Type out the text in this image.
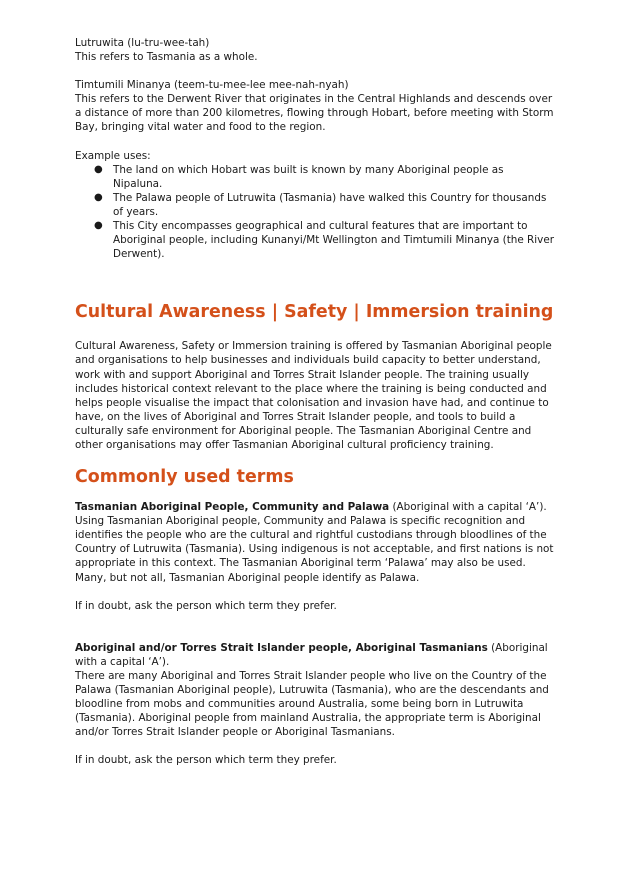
Lutruwita (lu-tru-wee-tah)

This refers to Tasmania as a whole.

Timtumili Minanya (teem-tu-mee-lee mee-nah-nyah)

This refers to the Derwent River that originates in the Central Highlands and descends over a distance of more than 200 kilometres, flowing through Hobart, before meeting with Storm Bay, bringing vital water and food to the region.

Example uses:

● The land on which Hobart was built is known by many Aboriginal people as Nipaluna.
● The Palawa people of Lutruwita (Tasmania) have walked this Country for thousands of years.
● This City encompasses geographical and cultural features that are important to Aboriginal people, including Kunanyi/Mt Wellington and Timtumili Minanya (the River Derwent).
Cultural Awareness | Safety | Immersion training

Cultural Awareness, Safety or Immersion training is offered by Tasmanian Aboriginal people and organisations to help businesses and individuals build capacity to better understand, work with and support Aboriginal and Torres Strait Islander people. The training usually includes historical context relevant to the place where the training is being conducted and helps people visualise the impact that colonisation and invasion have had, and continue to have, on the lives of Aboriginal and Torres Strait Islander people, and tools to build a culturally safe environment for Aboriginal people. The Tasmanian Aboriginal Centre and other organisations may offer Tasmanian Aboriginal cultural proficiency training.

Commonly used terms

Tasmanian Aboriginal People, Community and Palawa (Aboriginal with a capital ‘A’).

Using Tasmanian Aboriginal people, Community and Palawa is specific recognition and identifies the people who are the cultural and rightful custodians through bloodlines of the Country of Lutruwita (Tasmania). Using indigenous is not acceptable, and first nations is not appropriate in this context. The Tasmanian Aboriginal term ‘Palawa’ may also be used. Many, but not all, Tasmanian Aboriginal people identify as Palawa.

If in doubt, ask the person which term they prefer.

Aboriginal and/or Torres Strait Islander people, Aboriginal Tasmanians (Aboriginal with a capital ‘A’).

There are many Aboriginal and Torres Strait Islander people who live on the Country of the Palawa (Tasmanian Aboriginal people), Lutruwita (Tasmania), who are the descendants and bloodline from mobs and communities around Australia, some being born in Lutruwita (Tasmania). Aboriginal people from mainland Australia, the appropriate term is Aboriginal and/or Torres Strait Islander people or Aboriginal Tasmanians.

If in doubt, ask the person which term they prefer.
